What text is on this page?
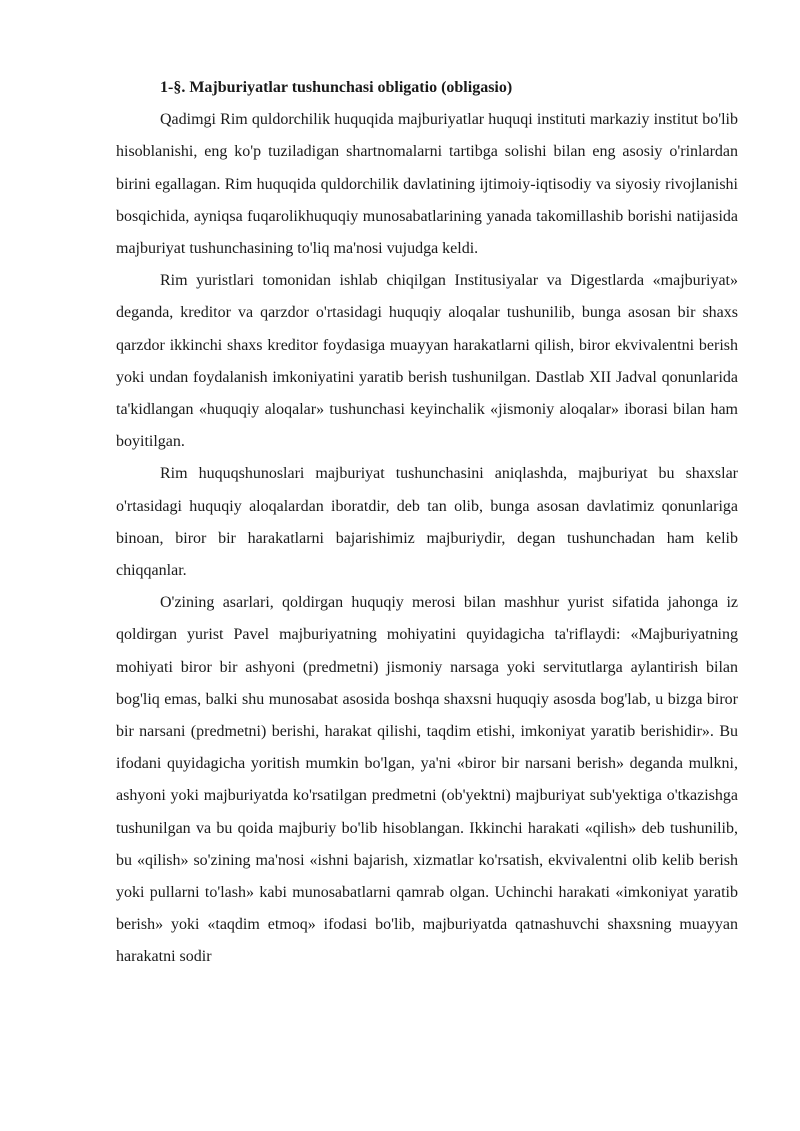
1-§. Majburiyatlar tushunchasi obligatio (obligasio)

Qadimgi Rim quldorchilik huquqida majburiyatlar huquqi instituti markaziy institut bo'lib hisoblanishi, eng ko'p tuziladigan shartnomalarni tartibga solishi bilan eng asosiy o'rinlardan birini egallagan. Rim huquqida quldorchilik davlatining ijtimoiy-iqtisodiy va siyosiy rivojlanishi bosqichida, ayniqsa fuqarolikhuquqiy munosabatlarining yanada takomillashib borishi natijasida majburiyat tushunchasining to'liq ma'nosi vujudga keldi.

Rim yuristlari tomonidan ishlab chiqilgan Institusiyalar va Digestlarda «majburiyat» deganda, kreditor va qarzdor o'rtasidagi huquqiy aloqalar tushunilib, bunga asosan bir shaxs qarzdor ikkinchi shaxs kreditor foydasiga muayyan harakatlarni qilish, biror ekvivalentni berish yoki undan foydalanish imkoniyatini yaratib berish tushunilgan. Dastlab XII Jadval qonunlarida ta'kidlangan «huquqiy aloqalar» tushunchasi keyinchalik «jismoniy aloqalar» iborasi bilan ham boyitilgan.

Rim huquqshunoslari majburiyat tushunchasini aniqlashda, majburiyat bu shaxslar o'rtasidagi huquqiy aloqalardan iboratdir, deb tan olib, bunga asosan davlatimiz qonunlariga binoan, biror bir harakatlarni bajarishimiz majburiydir, degan tushunchadan ham kelib chiqqanlar.

O'zining asarlari, qoldirgan huquqiy merosi bilan mashhur yurist sifatida jahonga iz qoldirgan yurist Pavel majburiyatning mohiyatini quyidagicha ta'riflaydi: «Majburiyatning mohiyati biror bir ashyoni (predmetni) jismoniy narsaga yoki servitutlarga aylantirish bilan bog'liq emas, balki shu munosabat asosida boshqa shaxsni huquqiy asosda bog'lab, u bizga biror bir narsani (predmetni) berishi, harakat qilishi, taqdim etishi, imkoniyat yaratib berishidir». Bu ifodani quyidagicha yoritish mumkin bo'lgan, ya'ni «biror bir narsani berish» deganda mulkni, ashyoni yoki majburiyatda ko'rsatilgan predmetni (ob'yektni) majburiyat sub'yektiga o'tkazishga tushunilgan va bu qoida majburiy bo'lib hisoblangan. Ikkinchi harakati «qilish» deb tushunilib, bu «qilish» so'zining ma'nosi «ishni bajarish, xizmatlar ko'rsatish, ekvivalentni olib kelib berish yoki pullarni to'lash» kabi munosabatlarni qamrab olgan. Uchinchi harakati «imkoniyat yaratib berish» yoki «taqdim etmoq» ifodasi bo'lib, majburiyatda qatnashuvchi shaxsning muayyan harakatni sodir
